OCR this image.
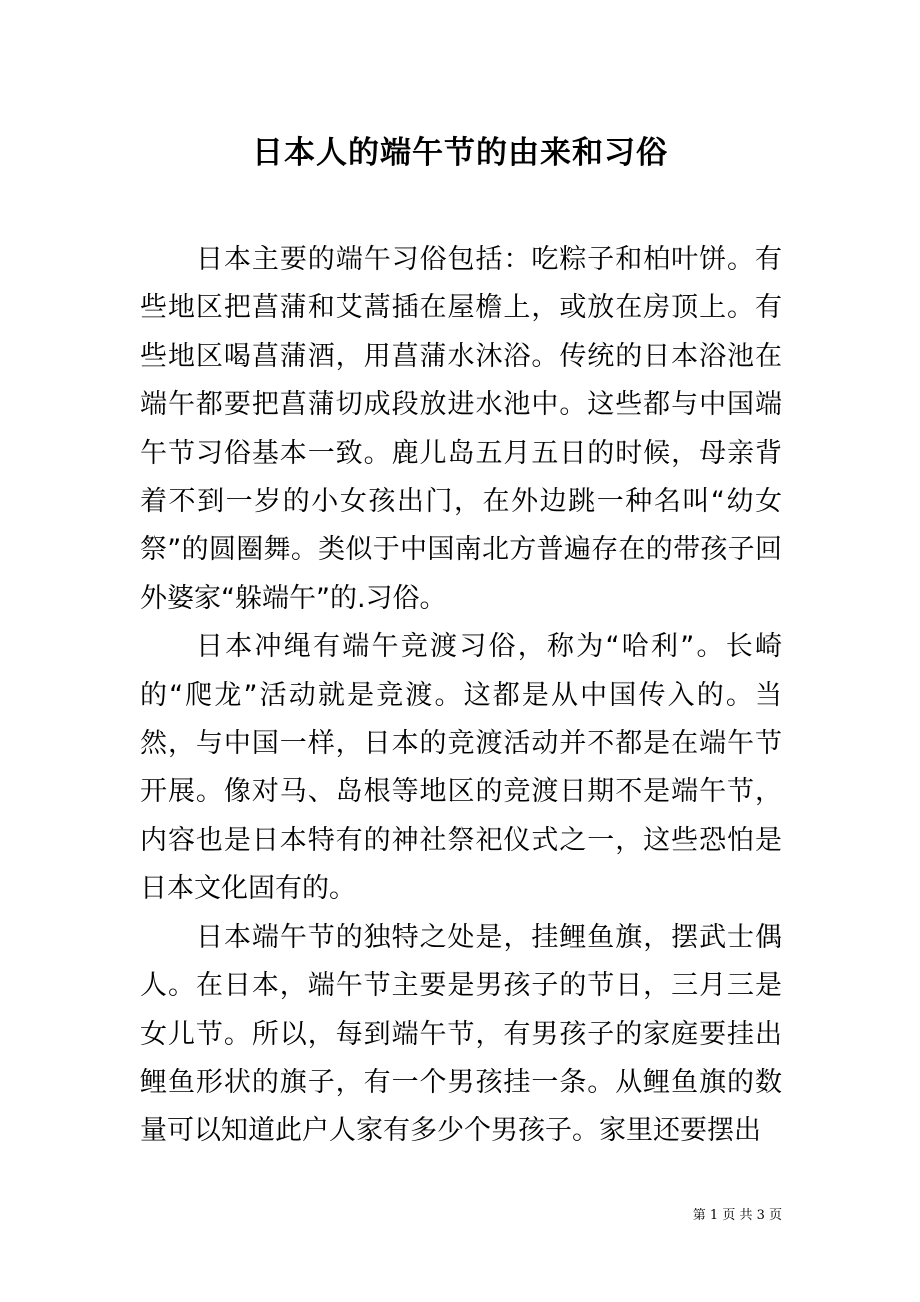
日本人的端午节的由来和习俗

日本主要的端午习俗包括：吃粽子和柏叶饼。有些地区把菖蒲和艾蒿插在屋檐上，或放在房顶上。有些地区喝菖蒲酒，用菖蒲水沐浴。传统的日本浴池在端午都要把菖蒲切成段放进水池中。这些都与中国端午节习俗基本一致。鹿儿岛五月五日的时候，母亲背着不到一岁的小女孩出门，在外边跳一种名叫“幼女祭”的圆圈舞。类似于中国南北方普遍存在的带孩子回外婆家“躲端午”的.习俗。

日本冲绳有端午竞渡习俗，称为“哈利”。长崎的“爬龙”活动就是竞渡。这都是从中国传入的。当然，与中国一样，日本的竞渡活动并不都是在端午节开展。像对马、岛根等地区的竞渡日期不是端午节，内容也是日本特有的神社祭祀仪式之一，这些恐怕是日本文化固有的。

日本端午节的独特之处是，挂鲤鱼旗，摆武士偶人。在日本，端午节主要是男孩子的节日，三月三是女儿节。所以，每到端午节，有男孩子的家庭要挂出鲤鱼形状的旗子，有一个男孩挂一条。从鲤鱼旗的数量可以知道此户人家有多少个男孩子。家里还要摆出

第 1 页 共 3 页
